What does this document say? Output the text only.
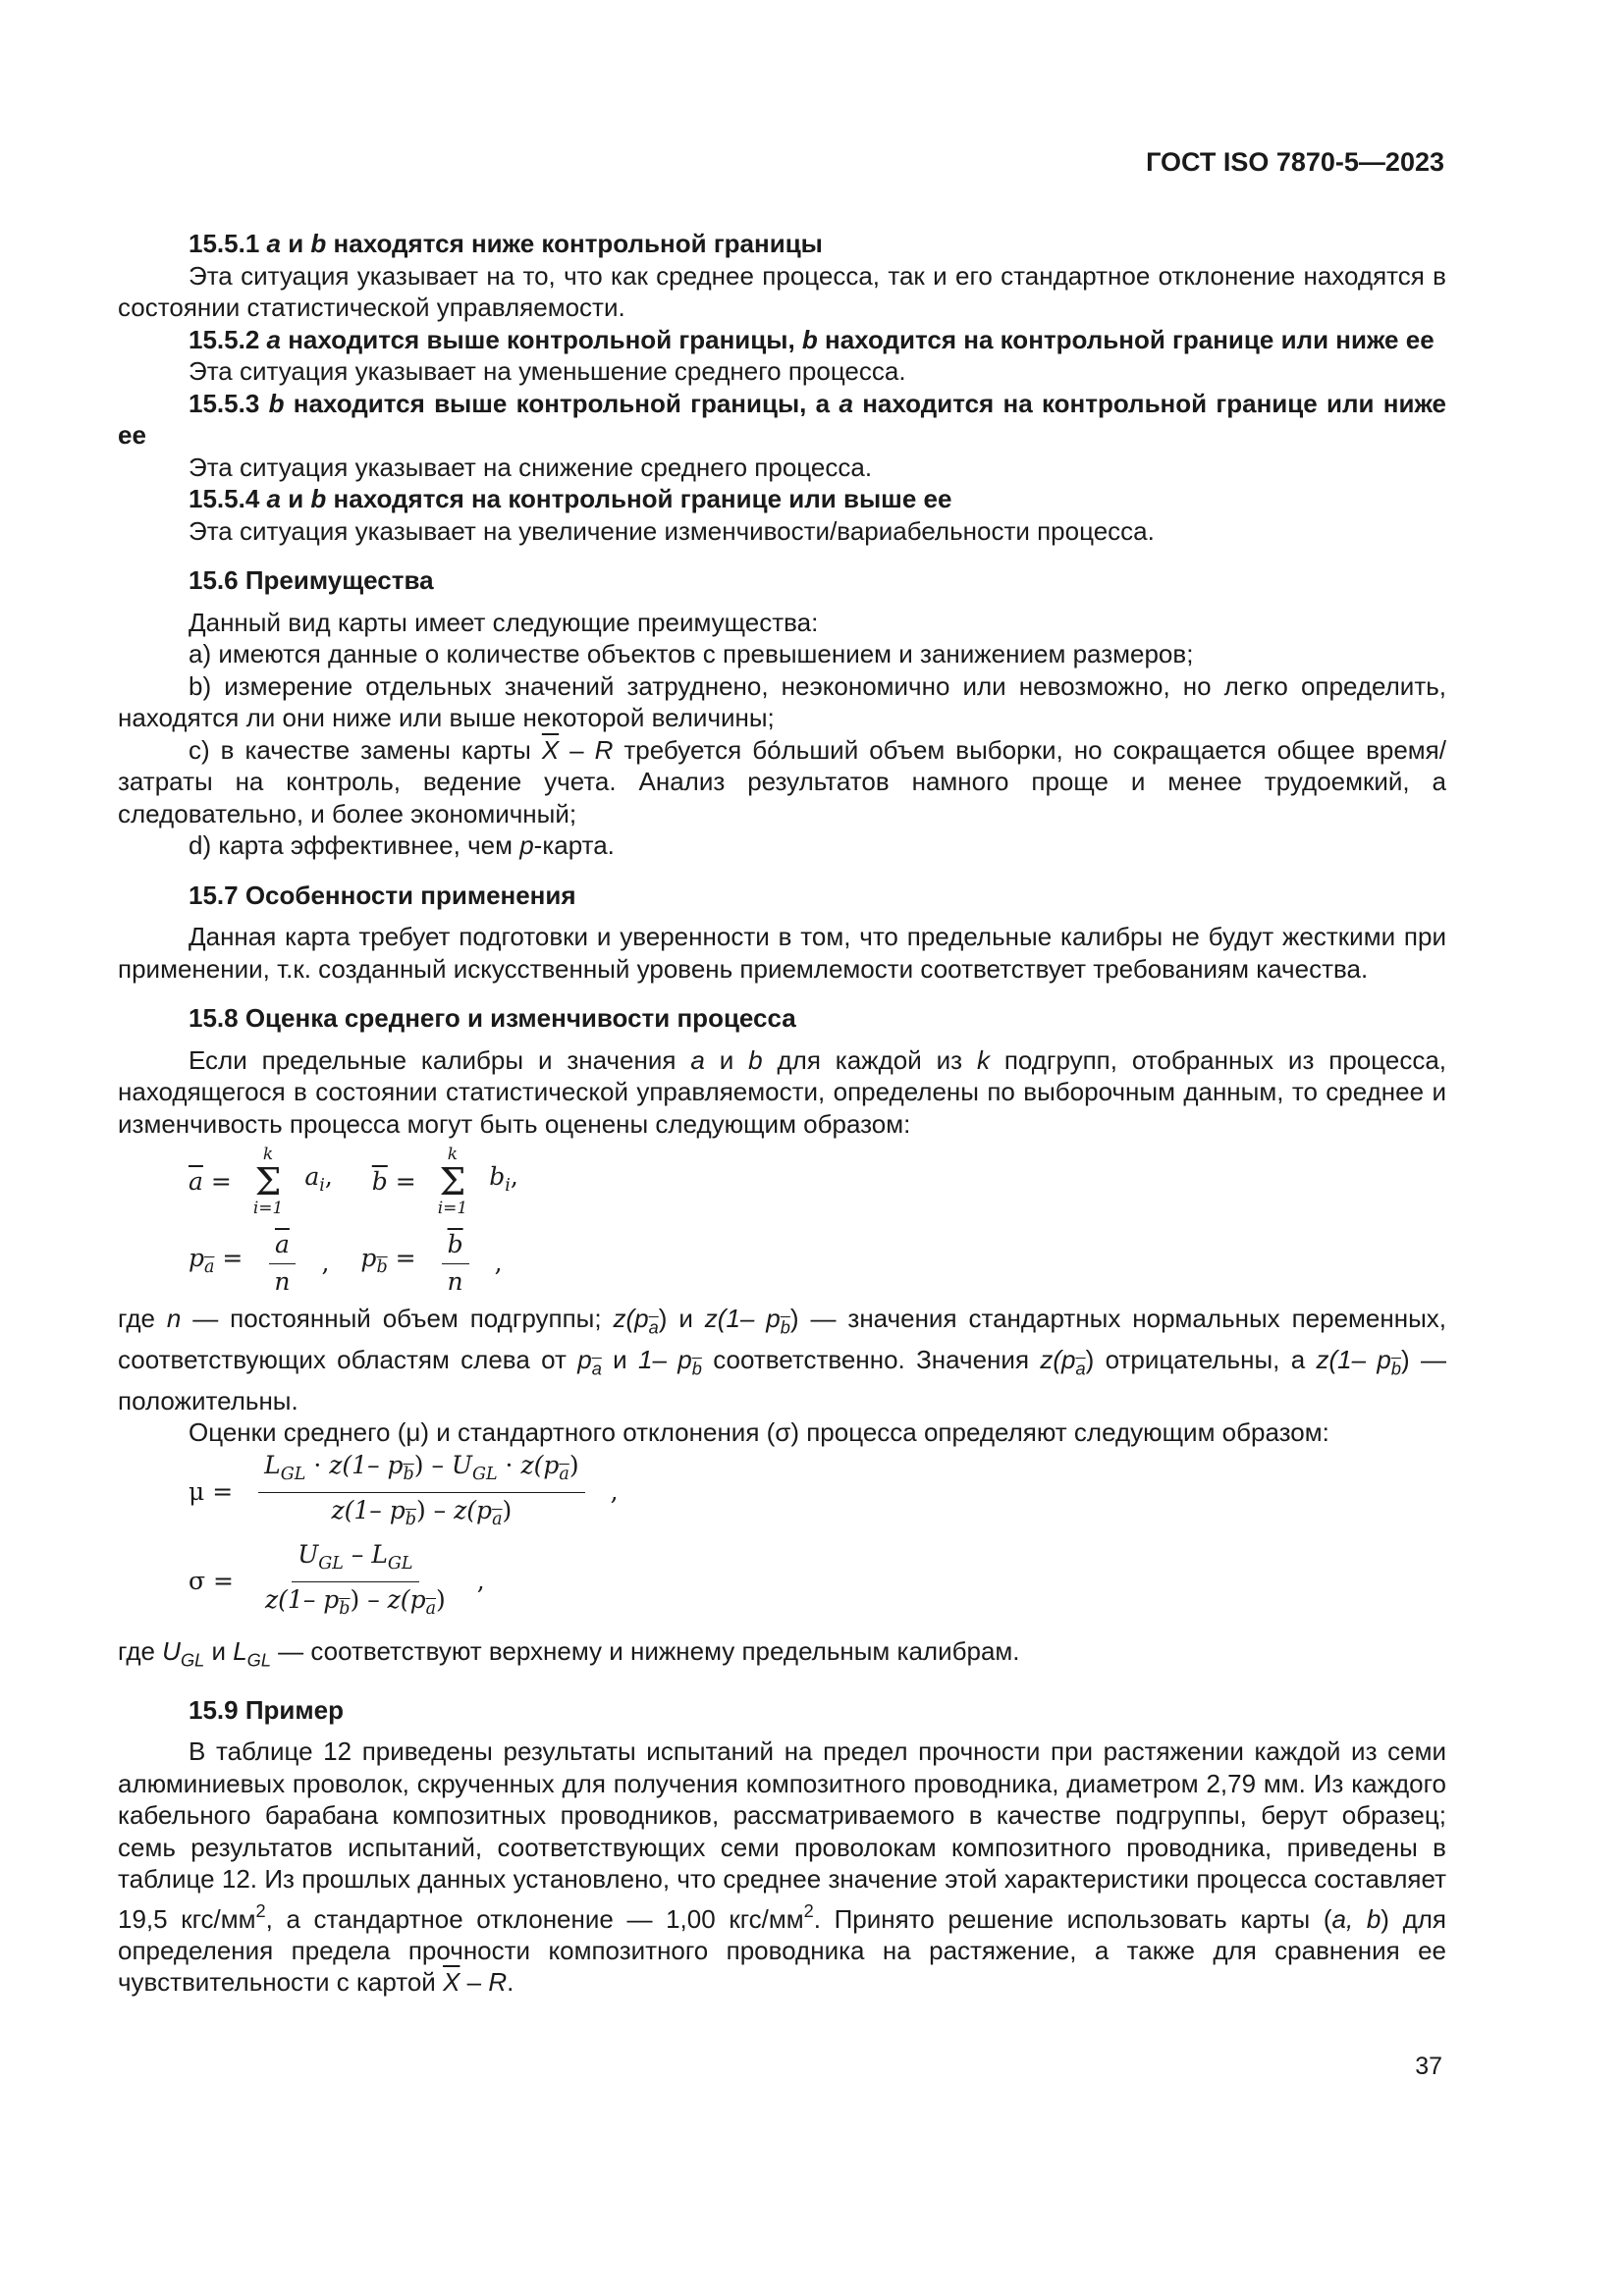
ГОСТ ISO 7870-5—2023

15.5.1 a и b находятся ниже контрольной границы

Эта ситуация указывает на то, что как среднее процесса, так и его стандартное отклонение находятся в состоянии статистической управляемости.

15.5.2 a находится выше контрольной границы, b находится на контрольной границе или ниже ее

Эта ситуация указывает на уменьшение среднего процесса.

15.5.3 b находится выше контрольной границы, а a находится на контрольной границе или ниже ее

Эта ситуация указывает на снижение среднего процесса.

15.5.4 a и b находятся на контрольной границе или выше ее

Эта ситуация указывает на увеличение изменчивости/вариабельности процесса.

15.6 Преимущества

Данный вид карты имеет следующие преимущества:

a) имеются данные о количестве объектов с превышением и занижением размеров;

b) измерение отдельных значений затруднено, неэкономично или невозможно, но легко определить, находятся ли они ниже или выше некоторой величины;

c) в качестве замены карты $\overline{X}$ – R требуется бо́льший объем выборки, но сокращается общее время/затраты на контроль, ведение учета. Анализ результатов намного проще и менее трудоемкий, а следовательно, и более экономичный;

d) карта эффективнее, чем p-карта.

15.7 Особенности применения

Данная карта требует подготовки и уверенности в том, что предельные калибры не будут жесткими при применении, т.к. созданный искусственный уровень приемлемости соответствует требованиям качества.

15.8 Оценка среднего и изменчивости процесса

Если предельные калибры и значения a и b для каждой из k подгрупп, отобранных из процесса, находящегося в состоянии статистической управляемости, определены по выборочным данным, то среднее и изменчивость процесса могут быть оценены следующим образом:

$\overline{a}$ =
k
Σ
i=1
$a_i$, $\overline{b}$ =
k
Σ
i=1
$b_i$,
$p_{\overline{a}} = \frac{\overline{a}}{n}$ , $p_{\overline{b}} = \frac{\overline{b}}{n}$ ,

где n — постоянный объем подгруппы; $z(p_{\overline{a}})$ и z(1– $p_{\overline{b}}$) — значения стандартных нормальных переменных, соответствующих областям слева от $p_{\overline{a}}$ и 1– $p_{\overline{b}}$ соответственно. Значения $z(p_{\overline{a}})$ отрицательны, а z(1– $p_{\overline{b}}$) — положительны.

Оценки среднего (μ) и стандартного отклонения (σ) процесса определяют следующим образом:

$\mu = \frac{L_{GL} \cdot z(1- p_{\overline{b}}) - U_{GL} \cdot z(p_{\overline{a}})}{z(1- p_{\overline{b}}) - z(p_{\overline{a}})}$ ,
$\sigma = \frac{U_{GL} - L_{GL}}{z(1- p_{\overline{b}}) - z(p_{\overline{a}})}$ ,

где $U_{GL}$ и $L_{GL}$ — соответствуют верхнему и нижнему предельным калибрам.

15.9 Пример

В таблице 12 приведены результаты испытаний на предел прочности при растяжении каждой из семи алюминиевых проволок, скрученных для получения композитного проводника, диаметром 2,79 мм. Из каждого кабельного барабана композитных проводников, рассматриваемого в качестве подгруппы, берут образец; семь результатов испытаний, соответствующих семи проволокам композитного проводника, приведены в таблице 12. Из прошлых данных установлено, что среднее значение этой характеристики процесса составляет 19,5 кгс/$мм^2$, а стандартное отклонение — 1,00 кгс/$мм^2$. Принято решение использовать карты (a, b) для определения предела прочности композитного проводника на растяжение, а также для сравнения ее чувствительности с картой $\overline{X}$ – R.

37
